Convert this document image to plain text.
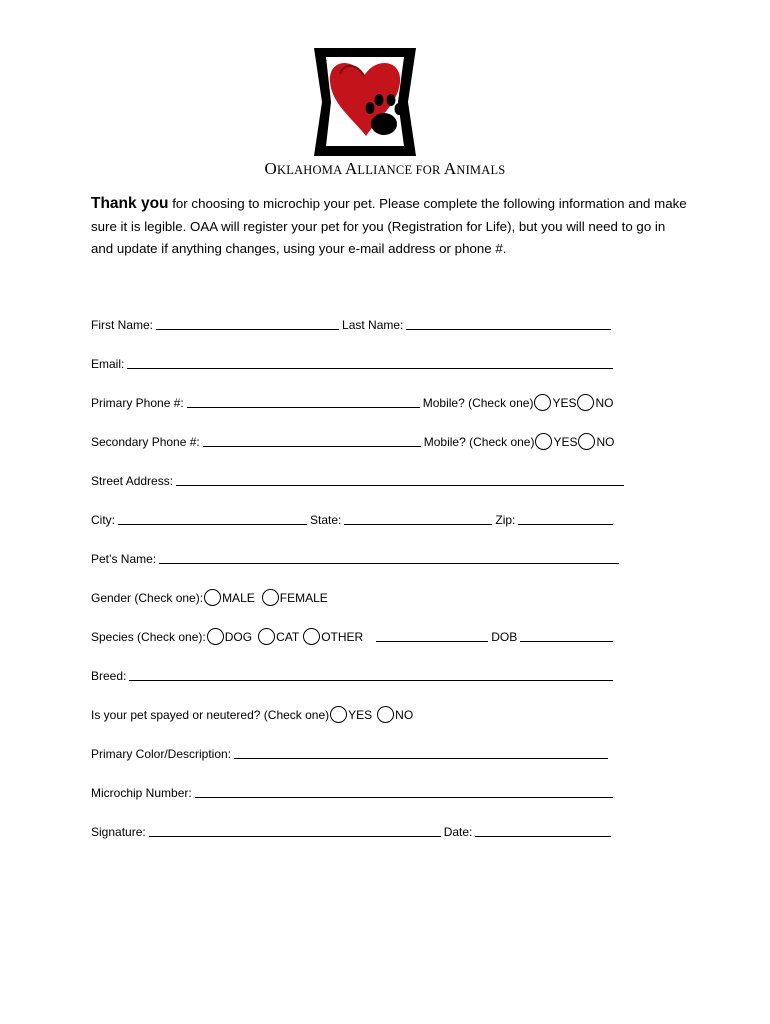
OKLAHOMA ALLIANCE FOR ANIMALS
Thank you for choosing to microchip your pet. Please complete the following information and make sure it is legible. OAA will register your pet for you (Registration for Life), but you will need to go in and update if anything changes, using your e-mail address or phone #.
First Name:	Last Name:
Email:
Primary Phone #:	Mobile? (Check one) YES NO
Secondary Phone #:	Mobile? (Check one) YES NO
Street Address:
City:	State:	Zip:
Pet’s Name:
Gender (Check one): MALE FEMALE
Species (Check one): DOG CAT OTHER	DOB
Breed:
Is your pet spayed or neutered? (Check one) YES NO
Primary Color/Description:
Microchip Number:
Signature:	Date:
